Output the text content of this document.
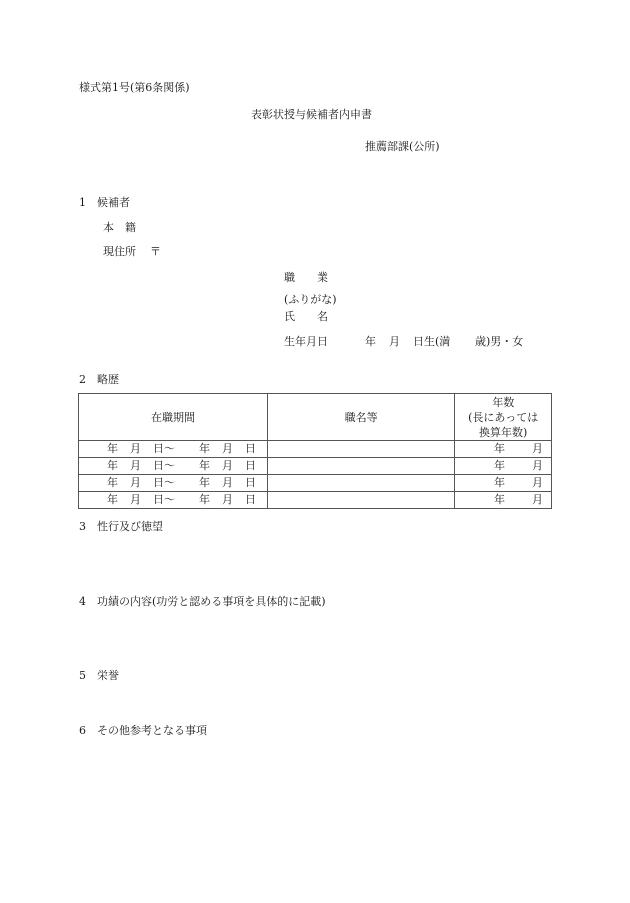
様式第1号(第6条関係)
表彰状授与候補者内申書
推薦部課(公所)
1 候補者
本　籍
現住所 〒
職　　業
(ふりがな)
氏　　名
生年月日	年 月 日生(満 歳)男・女
2 略歴
在職期間	職名等	年数
(長にあっては
換算年数)

年	月	日〜	年	月	日		年 月

年	月	日〜	年	月	日		年 月

年	月	日〜	年	月	日		年 月

年	月	日〜	年	月	日		年 月
3 性行及び徳望
4 功績の内容(功労と認める事項を具体的に記載)
5 栄誉
6 その他参考となる事項
